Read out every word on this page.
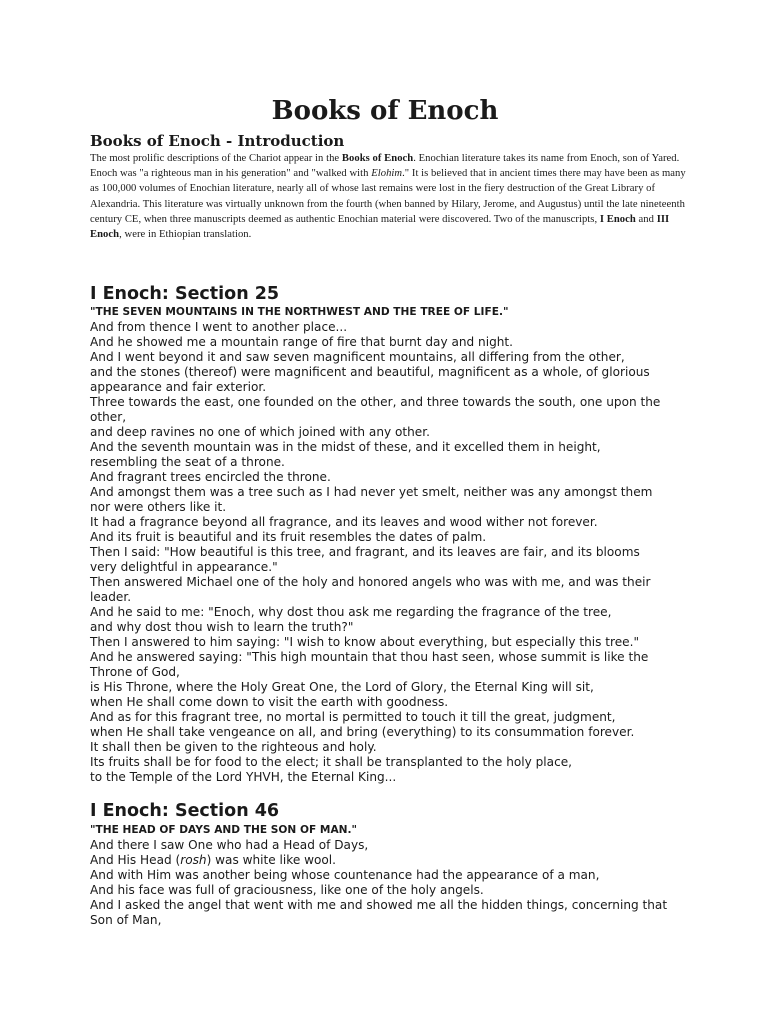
Books of Enoch
Books of Enoch - Introduction
The most prolific descriptions of the Chariot appear in the Books of Enoch. Enochian literature takes its name from Enoch, son of Yared. Enoch was "a righteous man in his generation" and "walked with Elohim." It is believed that in ancient times there may have been as many as 100,000 volumes of Enochian literature, nearly all of whose last remains were lost in the fiery destruction of the Great Library of Alexandria. This literature was virtually unknown from the fourth (when banned by Hilary, Jerome, and Augustus) until the late nineteenth century CE, when three manuscripts deemed as authentic Enochian material were discovered. Two of the manuscripts, I Enoch and III Enoch, were in Ethiopian translation.
I Enoch: Section 25
"THE SEVEN MOUNTAINS IN THE NORTHWEST AND THE TREE OF LIFE."
And from thence I went to another place...
And he showed me a mountain range of fire that burnt day and night.
And I went beyond it and saw seven magnificent mountains, all differing from the other,
and the stones (thereof) were magnificent and beautiful, magnificent as a whole, of glorious appearance and fair exterior.
Three towards the east, one founded on the other, and three towards the south, one upon the other,
and deep ravines no one of which joined with any other.
And the seventh mountain was in the midst of these, and it excelled them in height, resembling the seat of a throne.
And fragrant trees encircled the throne.
And amongst them was a tree such as I had never yet smelt, neither was any amongst them nor were others like it.
It had a fragrance beyond all fragrance, and its leaves and wood wither not forever.
And its fruit is beautiful and its fruit resembles the dates of palm.
Then I said: "How beautiful is this tree, and fragrant, and its leaves are fair, and its blooms very delightful in appearance."
Then answered Michael one of the holy and honored angels who was with me, and was their leader.
And he said to me: "Enoch, why dost thou ask me regarding the fragrance of the tree,
and why dost thou wish to learn the truth?"
Then I answered to him saying: "I wish to know about everything, but especially this tree."
And he answered saying: "This high mountain that thou hast seen, whose summit is like the Throne of God,
is His Throne, where the Holy Great One, the Lord of Glory, the Eternal King will sit,
when He shall come down to visit the earth with goodness.
And as for this fragrant tree, no mortal is permitted to touch it till the great, judgment,
when He shall take vengeance on all, and bring (everything) to its consummation forever.
It shall then be given to the righteous and holy.
Its fruits shall be for food to the elect; it shall be transplanted to the holy place,
to the Temple of the Lord YHVH, the Eternal King...
I Enoch: Section 46
"THE HEAD OF DAYS AND THE SON OF MAN."
And there I saw One who had a Head of Days,
And His Head (rosh) was white like wool.
And with Him was another being whose countenance had the appearance of a man,
And his face was full of graciousness, like one of the holy angels.
And I asked the angel that went with me and showed me all the hidden things, concerning that Son of Man,
